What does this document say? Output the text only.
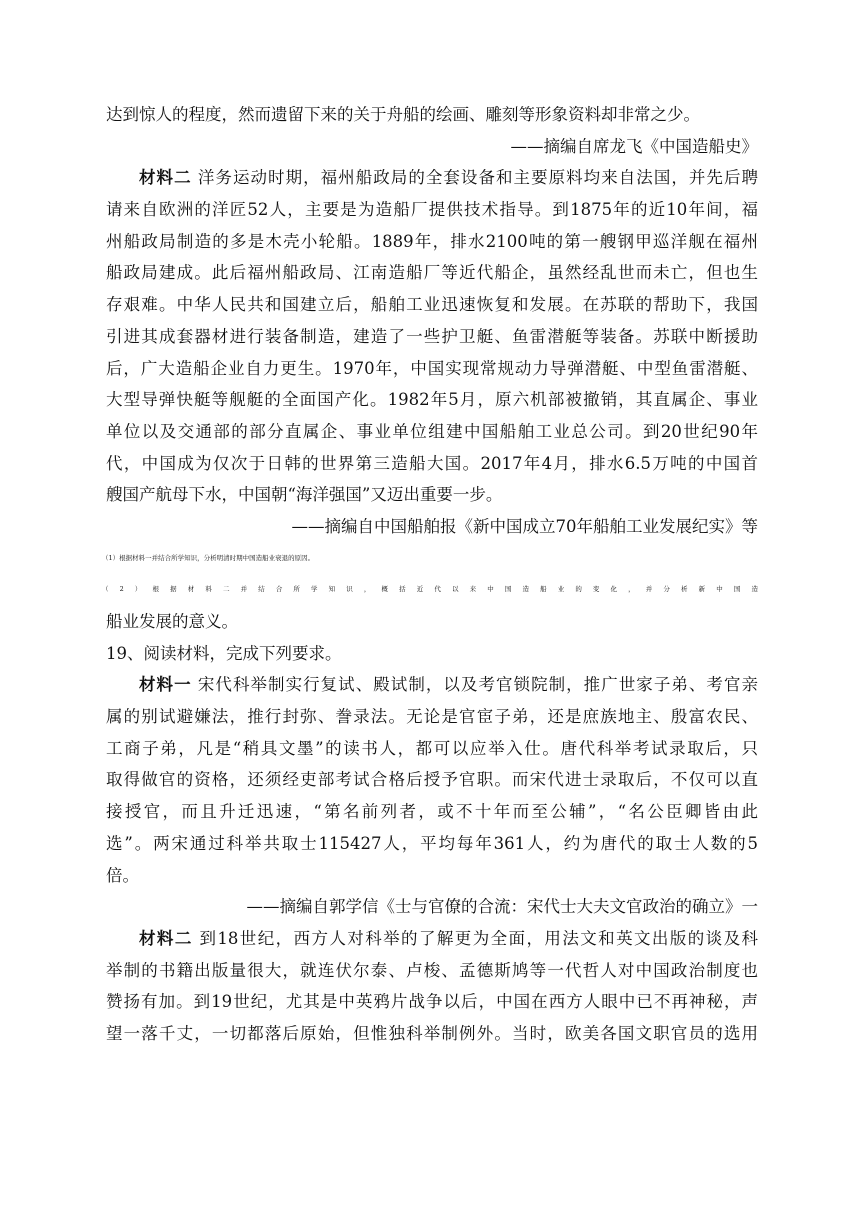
达到惊人的程度，然而遗留下来的关于舟船的绘画、雕刻等形象资料却非常之少。
——摘编自席龙飞《中国造船史》
材料二 洋务运动时期，福州船政局的全套设备和主要原料均来自法国，并先后聘
请来自欧洲的洋匠52人，主要是为造船厂提供技术指导。到1875年的近10年间，福
州船政局制造的多是木壳小轮船。1889年，排水2100吨的第一艘钢甲巡洋舰在福州
船政局建成。此后福州船政局、江南造船厂等近代船企，虽然经乱世而未亡，但也生
存艰难。中华人民共和国建立后，船舶工业迅速恢复和发展。在苏联的帮助下，我国
引进其成套器材进行装备制造，建造了一些护卫艇、鱼雷潜艇等装备。苏联中断援助
后，广大造船企业自力更生。1970年，中国实现常规动力导弹潜艇、中型鱼雷潜艇、
大型导弹快艇等舰艇的全面国产化。1982年5月，原六机部被撤销，其直属企、事业
单位以及交通部的部分直属企、事业单位组建中国船舶工业总公司。到20世纪90年
代，中国成为仅次于日韩的世界第三造船大国。2017年4月，排水6.5万吨的中国首
艘国产航母下水，中国朝“海洋强国”又迈出重要一步。
——摘编自中国船舶报《新中国成立70年船舶工业发展纪实》等
（1）根据材料一并结合所学知识，分析明清时期中国造船业衰退的原因。
（2）根据材料二并结合所学知识，概括近代以来中国造船业的变化，并分析新中国造
船业发展的意义。
19、阅读材料，完成下列要求。
材料一 宋代科举制实行复试、殿试制，以及考官锁院制，推广世家子弟、考官亲
属的别试避嫌法，推行封弥、誊录法。无论是官宦子弟，还是庶族地主、殷富农民、
工商子弟，凡是“稍具文墨”的读书人，都可以应举入仕。唐代科举考试录取后，只
取得做官的资格，还须经吏部考试合格后授予官职。而宋代进士录取后，不仅可以直
接授官，而且升迁迅速，“第名前列者，或不十年而至公辅”，“名公臣卿皆由此
选”。两宋通过科举共取士115427人，平均每年361人，约为唐代的取士人数的5
倍。
——摘编自郭学信《士与官僚的合流：宋代士大夫文官政治的确立》一
材料二 到18世纪，西方人对科举的了解更为全面，用法文和英文出版的谈及科
举制的书籍出版量很大，就连伏尔泰、卢梭、孟德斯鸠等一代哲人对中国政治制度也
赞扬有加。到19世纪，尤其是中英鸦片战争以后，中国在西方人眼中已不再神秘，声
望一落千丈，一切都落后原始，但惟独科举制例外。当时，欧美各国文职官员的选用
